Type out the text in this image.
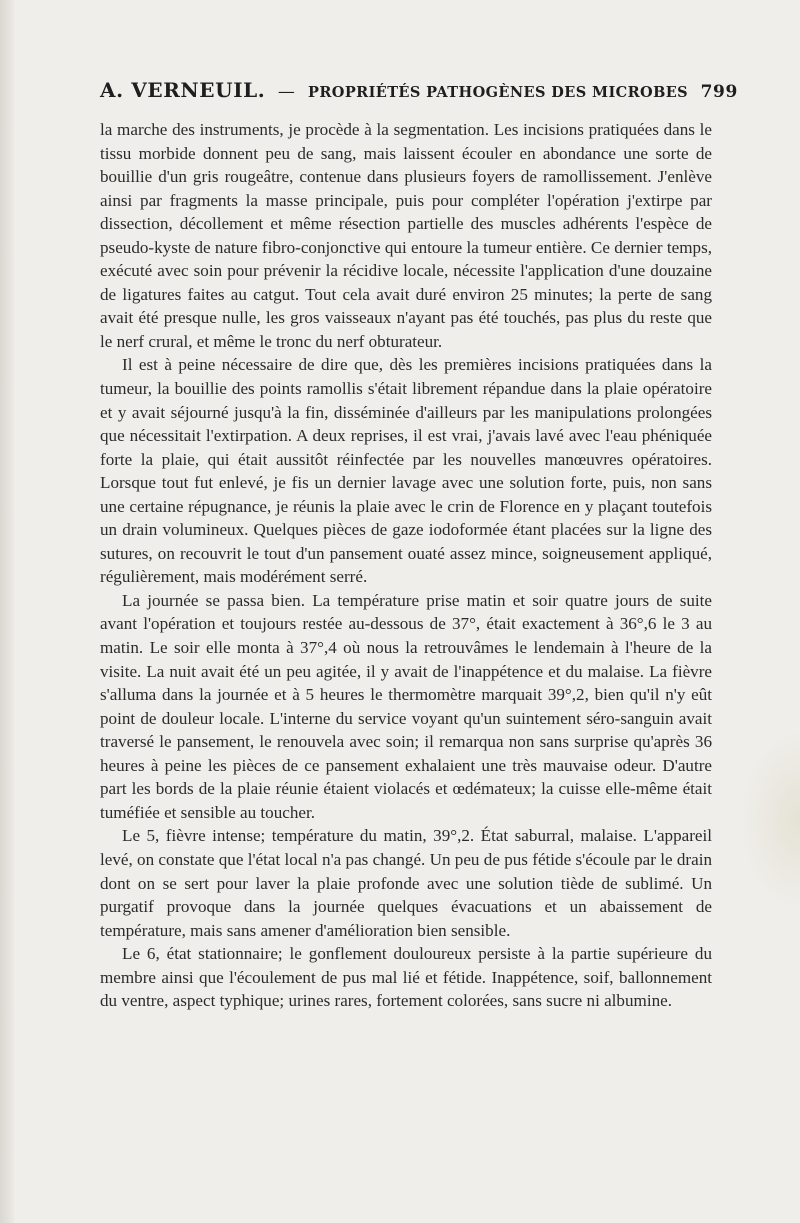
A. VERNEUIL. — PROPRIÉTÉS PATHOGÈNES DES MICROBES 799

la marche des instruments, je procède à la segmentation. Les incisions pratiquées dans le tissu morbide donnent peu de sang, mais laissent écouler en abondance une sorte de bouillie d'un gris rougeâtre, contenue dans plusieurs foyers de ramollissement. J'enlève ainsi par fragments la masse principale, puis pour compléter l'opération j'extirpe par dissection, décollement et même résection partielle des muscles adhérents l'espèce de pseudo-kyste de nature fibro-conjonctive qui entoure la tumeur entière. Ce dernier temps, exécuté avec soin pour prévenir la récidive locale, nécessite l'application d'une douzaine de ligatures faites au catgut. Tout cela avait duré environ 25 minutes; la perte de sang avait été presque nulle, les gros vaisseaux n'ayant pas été touchés, pas plus du reste que le nerf crural, et même le tronc du nerf obturateur.

Il est à peine nécessaire de dire que, dès les premières incisions pratiquées dans la tumeur, la bouillie des points ramollis s'était librement répandue dans la plaie opératoire et y avait séjourné jusqu'à la fin, disséminée d'ailleurs par les manipulations prolongées que nécessitait l'extirpation. A deux reprises, il est vrai, j'avais lavé avec l'eau phéniquée forte la plaie, qui était aussitôt réinfectée par les nouvelles manœuvres opératoires. Lorsque tout fut enlevé, je fis un dernier lavage avec une solution forte, puis, non sans une certaine répugnance, je réunis la plaie avec le crin de Florence en y plaçant toutefois un drain volumineux. Quelques pièces de gaze iodoformée étant placées sur la ligne des sutures, on recouvrit le tout d'un pansement ouaté assez mince, soigneusement appliqué, régulièrement, mais modérément serré.

La journée se passa bien. La température prise matin et soir quatre jours de suite avant l'opération et toujours restée au-dessous de 37°, était exactement à 36°,6 le 3 au matin. Le soir elle monta à 37°,4 où nous la retrouvâmes le lendemain à l'heure de la visite. La nuit avait été un peu agitée, il y avait de l'inappétence et du malaise. La fièvre s'alluma dans la journée et à 5 heures le thermomètre marquait 39°,2, bien qu'il n'y eût point de douleur locale. L'interne du service voyant qu'un suintement séro-sanguin avait traversé le pansement, le renouvela avec soin; il remarqua non sans surprise qu'après 36 heures à peine les pièces de ce pansement exhalaient une très mauvaise odeur. D'autre part les bords de la plaie réunie étaient violacés et œdémateux; la cuisse elle-même était tuméfiée et sensible au toucher.

Le 5, fièvre intense; température du matin, 39°,2. État saburral, malaise. L'appareil levé, on constate que l'état local n'a pas changé. Un peu de pus fétide s'écoule par le drain dont on se sert pour laver la plaie profonde avec une solution tiède de sublimé. Un purgatif provoque dans la journée quelques évacuations et un abaissement de température, mais sans amener d'amélioration bien sensible.

Le 6, état stationnaire; le gonflement douloureux persiste à la partie supérieure du membre ainsi que l'écoulement de pus mal lié et fétide. Inappétence, soif, ballonnement du ventre, aspect typhique; urines rares, fortement colorées, sans sucre ni albumine.
